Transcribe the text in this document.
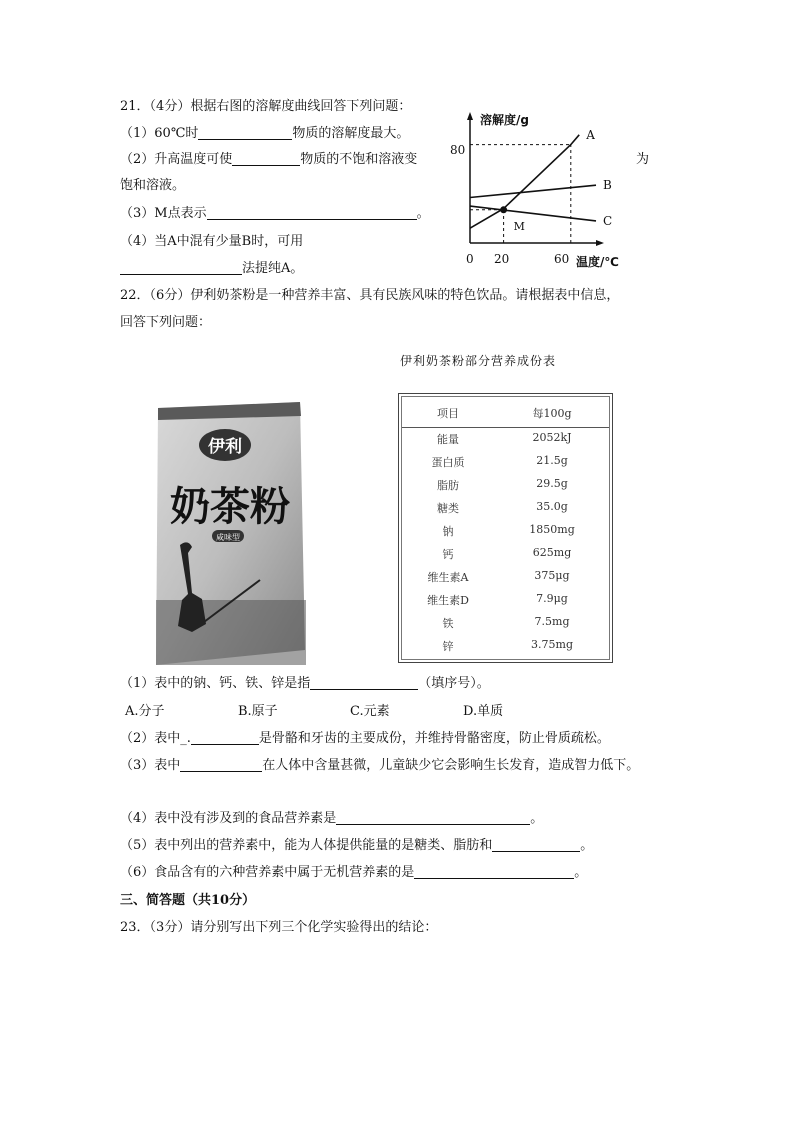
21．（4分）根据右图的溶解度曲线回答下列问题：
（1）60℃时	物质的溶解度最大。
（2）升高温度可使	物质的不饱和溶液变	为
饱和溶液。
（3）M点表示	。
（4）当A中混有少量B时，可用
法提纯A。
溶解度/g
温度/℃
0 20	60
80
A
B
C
M
22．（6分）伊利奶茶粉是一种营养丰富、具有民族风味的特色饮品。请根据表中信息，
回答下列问题：
伊利
奶茶粉
咸味型
伊利奶茶粉部分营养成份表
项目	每100g
能量	2052kJ
蛋白质	21.5g
脂肪	29.5g
糖类	35.0g
钠	1850mg
钙	625mg
维生素A	375μg
维生素D	7.9μg
铁	7.5mg
锌	3.75mg
（1）表中的钠、钙、铁、锌是指	（填序号）。
A.分子	B.原子	C.元素	D.单质
（2）表中_.	是骨骼和牙齿的主要成份，并维持骨骼密度，防止骨质疏松。
（3）表中	在人体中含量甚微，儿童缺少它会影响生长发育，造成智力低下。
（4）表中没有涉及到的食品营养素是	。
（5）表中列出的营养素中，能为人体提供能量的是糖类、脂肪和	。
（6）食品含有的六种营养素中属于无机营养素的是	。
三、简答题（共10分）
23．（3分）请分别写出下列三个化学实验得出的结论：
